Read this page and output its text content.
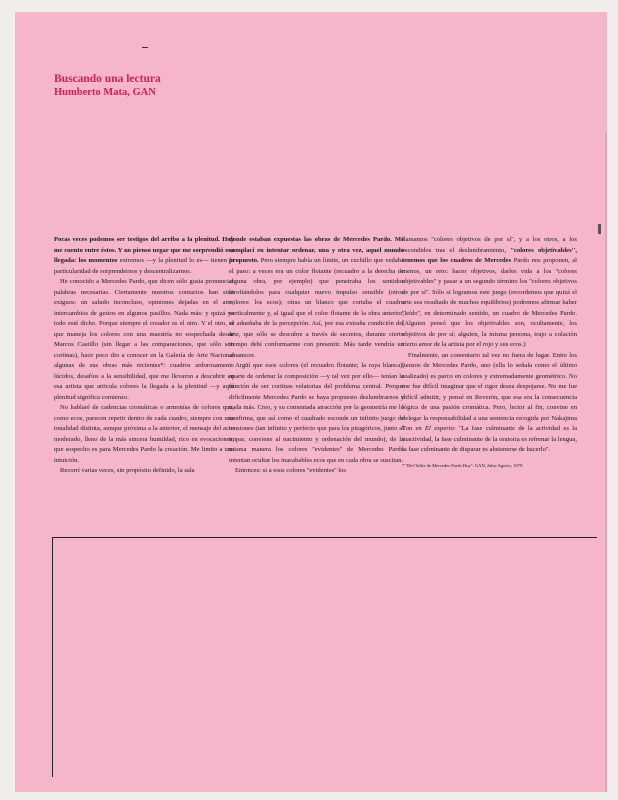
Buscando una lectura
Humberto Mata, GAN

Pocas veces podemos ser testigos del arribo a la plenitud. Hoy me cuento entre éstos. Y no pienso negar que me sorprendió esa llegada: los momentos extremos —y la plenitud lo es— tienen la particularidad de sorprendernos y descentralizarnos.

He conocido a Mercedes Pardo, que dicen sólo gusta pronunciar palabras necesarias. Ciertamente nuestros contactos han sido exiguos: un saludo inconcluso, opiniones dejadas en el aire, intercambios de gestos en algunos pasillos. Nada más: y quizá ya todo esté dicho. Porque siempre el creador es el otro. Y el otro, el que maneja los colores con una maestría no sospechada desde Marcos Castillo (sin llegar a las comparaciones, que sólo son cortinas), hace poco dio a conocer en la Galería de Arte Nacional algunas de sus obras más recientes*: cuadros ardorosamente lúcidos, desafíos a la sensibilidad, que me llevaron a descubrir en esa artista que articula colores la llegada a la plenitud —y aquí plenitud significa comienzo.

No hablaré de cadencias cromáticas o armonías de colores que, como ecos, parecen repetir dentro de cada cuadro, siempre con una tonalidad distinta, aunque próxima a la anterior, el mensaje del acto moderado, lleno de la más sincera humildad, rico en evocaciones, que sospecho es para Mercedes Pardo la creación. Me limito a una intuición.

Recorrí varias veces, sin propósito definido, la sala

donde estaban expuestas las obras de Mercedes Pardo. Me complací en intentar ordenar, una y otra vez, aquel mundo propuesto. Pero siempre había un límite, un cuchillo que vedaba el paso: a veces era un color flotante (recuadro a la derecha de alguna obra, por ejemplo) que penetraba los sentidos atrofiándolos para cualquier nuevo impulso sensible (otros colores: los ecos); otras un blanco que cortaba el cuadro verticalmente y, al igual que el color flotante de la obra anterior, se adueñaba de la percepción. Así, por esa extraña condición del arte, que sólo se descubre a través de secretos, durante cierto tiempo debí conformarme con presentir. Más tarde vendría un amanecer.

Argüí que esos colores (el recuadro flotante; la raya blanca), aparte de ordenar la composición —y tal vez por ello— tenían la función de ser cortinas velatorias del problema central. Porque difícilmente Mercedes Pardo se haya propuesto deslumbrarnos y nada más. Creo, y su comentada atracción por la geometría me lo confirma, que así como el cuadrado esconde un infinito juego de tensiones (tan infinito y perfecto que para los pitagóricos, junto al impar, conviene al nacimiento y ordenación del mundo), de la misma manera los colores ''evidentes'' de Mercedes Pardo intentan ocultar los inacabables ecos que en cada obra se suscitan.

Entonces: si a esos colores ''evidentes'' los

llamamos ''colores objetivos de por sí'', y a los otros, a los escondidos tras el deslumbramiento, ''colores objetivables'', tenemos que los cuadros de Mercedes Pardo nos proponen, al menos, un reto: hacer objetivos, darles vida a los ''colores objetivables'' y pasar a un segundo término los ''colores objetivos de por sí''. Sólo si logramos este juego (recordemos que quizá el arte sea resultado de muchos equilibrios) podremos afirmar haber ''leído'', en determinado sentido, un cuadro de Mercedes Pardo. (Alguien pensó que los objetivables son, ocultamente, los objetivos de por sí; alguien, la misma persona, trajo a colación cierto amor de la artista por el rojo y sus ecos.)

Finalmente, un comentario tal vez no fuera de lugar. Entre los lienzos de Mercedes Pardo, uno (ella lo señala como el último realizado) es parco en colores y extremadamente geométrico. No me fue difícil imaginar que el rigor desea despojarse. No me fue difícil admitir, y pensé en Reverón, que esa era la consecuencia lógica de una pasión cromática. Pero, lector al fin, convine en delegar la responsabilidad a una sentencia recogida por Nakajima Ton en El experto: ''La fase culminante de la actividad es la inactividad, la fase culminante de la oratoria es refrenar la lengua, la fase culminante de disparar es abstenerse de hacerlo''.

* ''Del Taller de Mercedes Pardo Hoy''. GAN, Julio-Agosto, 1979.
